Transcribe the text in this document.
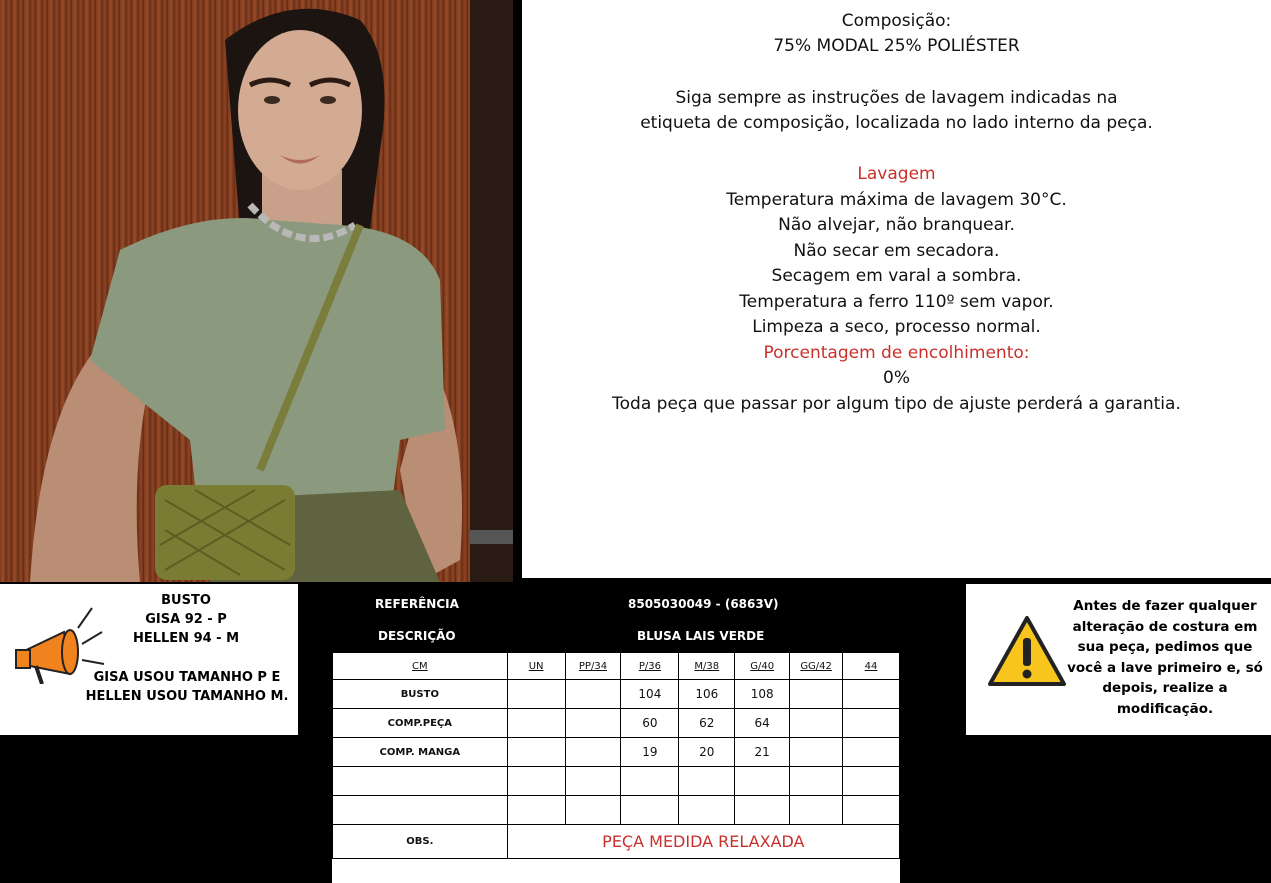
Composição:
75% MODAL 25% POLIÉSTER
Siga sempre as instruções de lavagem indicadas na
etiqueta de composição, localizada no lado interno da peça.
Lavagem
Temperatura máxima de lavagem 30°C.
Não alvejar, não branquear.
Não secar em secadora.
Secagem em varal a sombra.
Temperatura a ferro 110º sem vapor.
Limpeza a seco, processo normal.
Porcentagem de encolhimento:
0%
Toda peça que passar por algum tipo de ajuste perderá a garantia.
BUSTO
GISA 92 - P
HELLEN 94 - M
GISA USOU TAMANHO P E
HELLEN USOU TAMANHO M.
REFERÊNCIA	8505030049 - (6863V)
DESCRIÇÃO	BLUSA LAIS VERDE
CM	UN	PP/34	P/36	M/38	G/40	GG/42	44
BUSTO			104	106	108		
COMP.PEÇA			60	62	64		
COMP. MANGA			19	20	21		

OBS.	PEÇA MEDIDA RELAXADA						
Antes de fazer qualquer
alteração de costura em
sua peça, pedimos que
você a lave primeiro e, só
depois, realize a
modificação.
